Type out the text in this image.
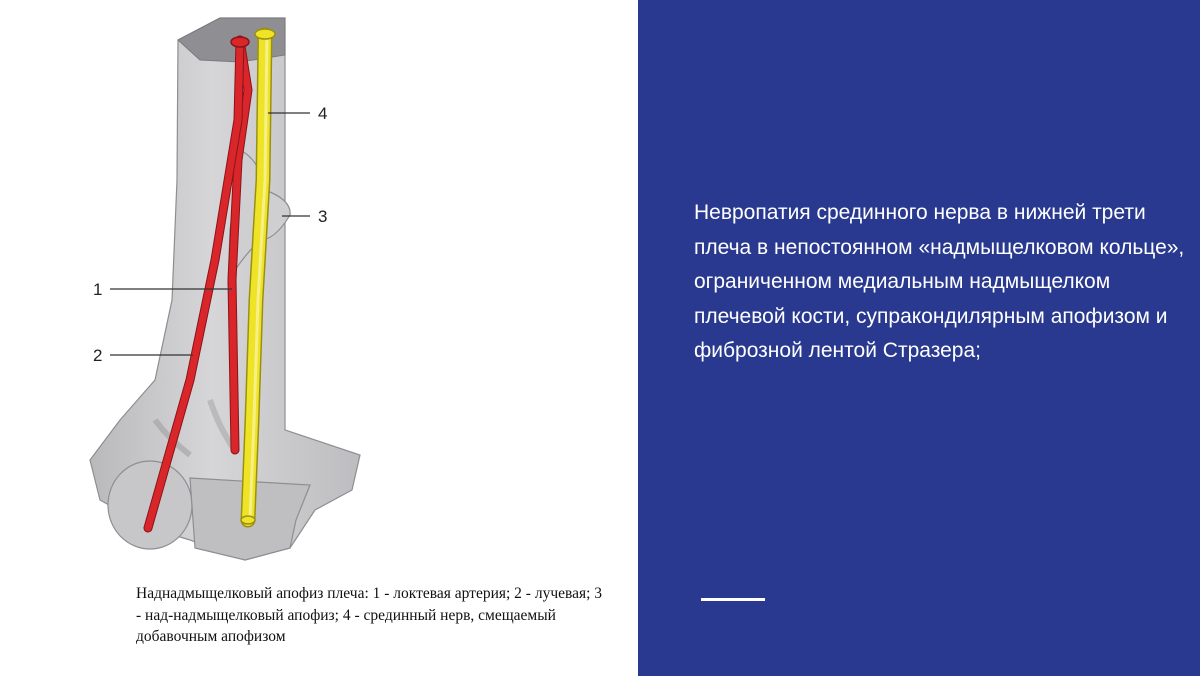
4
3
1
2
Наднадмыщелковый апофиз плеча: 1 - локтевая артерия; 2 - лучевая; 3 - над-надмыщелковый апофиз; 4 - срединный нерв, смещаемый добавочным апофизом
Невропатия срединного нерва в нижней трети плеча в непостоянном «надмыщелковом кольце», ограниченном медиальным надмыщелком плечевой кости, супракондилярным апофизом и фиброзной лентой Стразера;
